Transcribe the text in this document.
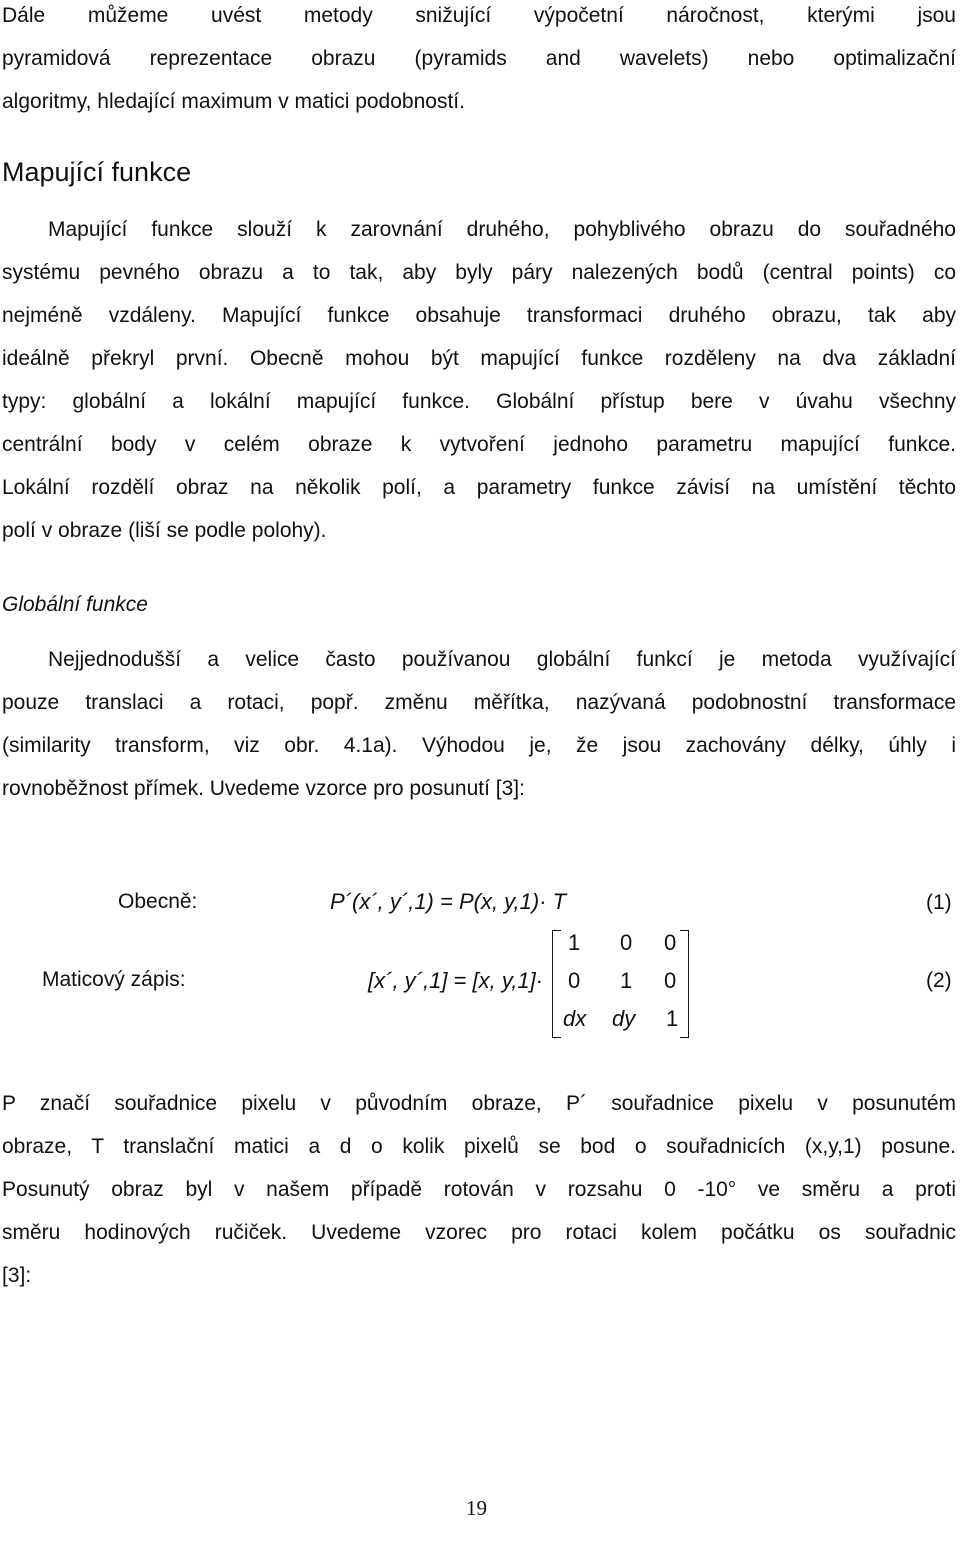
Dále můžeme uvést metody snižující výpočetní náročnost, kterými jsou
pyramidová reprezentace obrazu (pyramids and wavelets) nebo optimalizační
algoritmy, hledající maximum v matici podobností.
Mapující funkce
Mapující funkce slouží k zarovnání druhého, pohyblivého obrazu do souřadného
systému pevného obrazu a to tak, aby byly páry nalezených bodů (central points) co
nejméně vzdáleny. Mapující funkce obsahuje transformaci druhého obrazu, tak aby
ideálně překryl první. Obecně mohou být mapující funkce rozděleny na dva základní
typy: globální a lokální mapující funkce. Globální přístup bere v úvahu všechny
centrální body v celém obraze k vytvoření jednoho parametru mapující funkce.
Lokální rozdělí obraz na několik polí, a parametry funkce závisí na umístění těchto
polí v obraze (liší se podle polohy).
Globální funkce
Nejjednodušší a velice často používanou globální funkcí je metoda využívající
pouze translaci a rotaci, popř. změnu měřítka, nazývaná podobnostní transformace
(similarity transform, viz obr. 4.1a). Výhodou je, že jsou zachovány délky, úhly i
rovnoběžnost přímek. Uvedeme vzorce pro posunutí [3]:
Obecně:	P´(x´, y´,1) = P(x, y,1)· T	(1)
Maticový zápis:	[x´, y´,1] = [x, y,1]·
1 0 0
0 1 0
dx dy 1
(2)
P značí souřadnice pixelu v původním obraze, P´ souřadnice pixelu v posunutém
obraze, T translační matici a d o kolik pixelů se bod o souřadnicích (x,y,1) posune.
Posunutý obraz byl v našem případě rotován v rozsahu 0 -10° ve směru a proti
směru hodinových ručiček. Uvedeme vzorec pro rotaci kolem počátku os souřadnic
[3]:
19
